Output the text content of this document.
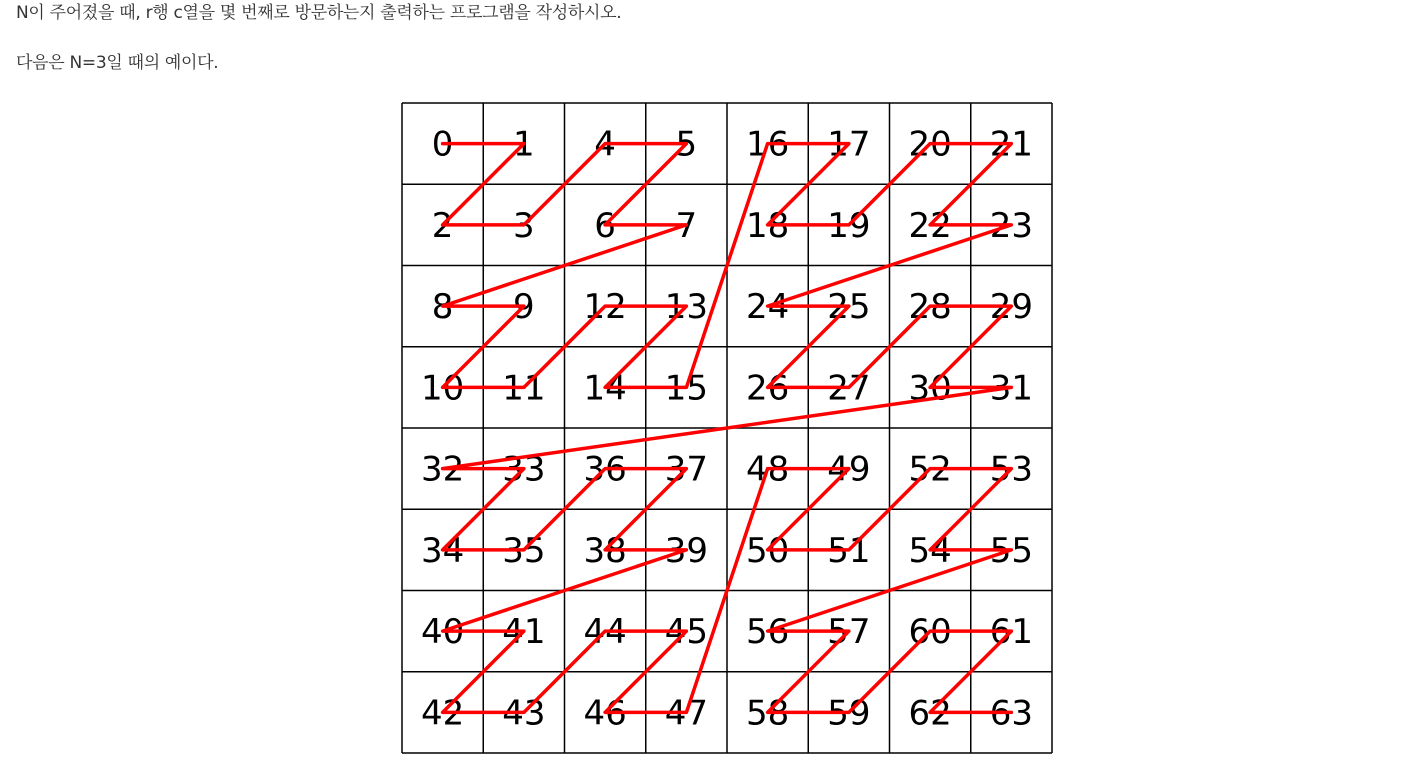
N이 주어졌을 때, r행 c열을 몇 번째로 방문하는지 출력하는 프로그램을 작성하시오.
다음은 N=3일 때의 예이다.
0 1 4 5 16 17 20 21
2 3 6 7 18 19 22 23
8 9 12 13 24 25 28 29
10 11 14 15 26 27 30 31
32 33 36 37 48 49 52 53
34 35 38 39 50 51 54 55
40 41 44 45 56 57 60 61
42 43 46 47 58 59 62 63
